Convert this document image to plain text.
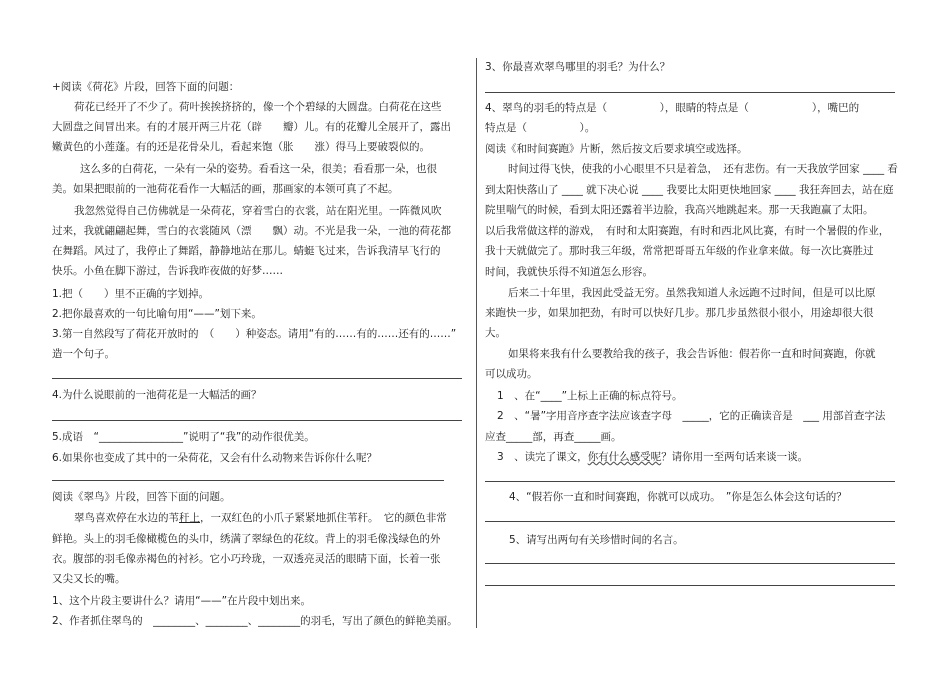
+阅读《荷花》片段，回答下面的问题：
荷花已经开了不少了。荷叶挨挨挤挤的，像一个个碧绿的大圆盘。白荷花在这些
大圆盘之间冒出来。有的才展开两三片花（辟　　瓣）儿。有的花瓣儿全展开了，露出
嫩黄色的小莲蓬。有的还是花骨朵儿，看起来饱（胀　　涨）得马上要破裂似的。
这么多的白荷花，一朵有一朵的姿势。看看这一朵，很美；看看那一朵，也很
美。如果把眼前的一池荷花看作一大幅活的画，那画家的本领可真了不起。
我忽然觉得自己仿佛就是一朵荷花，穿着雪白的衣裳，站在阳光里。一阵微风吹
过来，我就翩翩起舞，雪白的衣裳随风（漂　　飘）动。不光是我一朵，一池的荷花都
在舞蹈。风过了，我停止了舞蹈，静静地站在那儿。蜻蜓飞过来，告诉我清早飞行的
快乐。小鱼在脚下游过，告诉我昨夜做的好梦……
1.把（　　）里不正确的字划掉。
2.把你最喜欢的一句比喻句用“——”划下来。
3.第一自然段写了荷花开放时的　（　　）种姿态。请用“有的……有的……还有的……”
造一个句子。
4.为什么说眼前的一池荷花是一大幅活的画？
5.成语　“________________”说明了“我”的动作很优美。
6.如果你也变成了其中的一朵荷花，又会有什么动物来告诉你什么呢？
阅读《翠鸟》片段，回答下面的问题。
翠鸟喜欢停在水边的苇秆上，一双红色的小爪子紧紧地抓住苇秆。　它的颜色非常
鲜艳。头上的羽毛像橄榄色的头巾，绣满了翠绿色的花纹。背上的羽毛像浅绿色的外
衣。腹部的羽毛像赤褐色的衬衫。它小巧玲珑，一双透亮灵活的眼睛下面，长着一张
又尖又长的嘴。
1、这个片段主要讲什么？请用“——”在片段中划出来。
2、作者抓住翠鸟的　________、________、________的羽毛，写出了颜色的鲜艳美丽。
3、你最喜欢翠鸟哪里的羽毛？为什么？
4、翠鸟的羽毛的特点是（　　　　　），眼睛的特点是（　　　　　　），嘴巴的
特点是（　　　　　）。
阅读《和时间赛跑》片断，然后按文后要求填空或选择。
时间过得飞快，使我的小心眼里不只是着急，　还有悲伤。有一天我放学回家 ____ 看
到太阳快落山了 ____ 就下决心说 ____ 我要比太阳更快地回家 ____ 我狂奔回去，站在庭
院里喘气的时候，看到太阳还露着半边脸，我高兴地跳起来。那一天我跑赢了太阳。
以后我常做这样的游戏，　有时和太阳赛跑，有时和西北风比赛，有时一个暑假的作业，
我十天就做完了。那时我三年级，常常把哥哥五年级的作业拿来做。每一次比赛胜过
时间，我就快乐得不知道怎么形容。
后来二十年里，我因此受益无穷。虽然我知道人永远跑不过时间，但是可以比原
来跑快一步，如果加把劲，有时可以快好几步。那几步虽然很小很小，用途却很大很
大。
如果将来我有什么要教给我的孩子，我会告诉他：假若你一直和时间赛跑，你就
可以成功。
1　、在“____”上标上正确的标点符号。
2　、“暑”字用音序查字法应该查字母　_____，它的正确读音是　___ 用部首查字法
应查_____部，再查_____画。
3　、读完了课文，你有什么感受呢？请你用一至两句话来谈一谈。
4、“假若你一直和时间赛跑，你就可以成功。　”你是怎么体会这句话的？
5、请写出两句有关珍惜时间的名言。
